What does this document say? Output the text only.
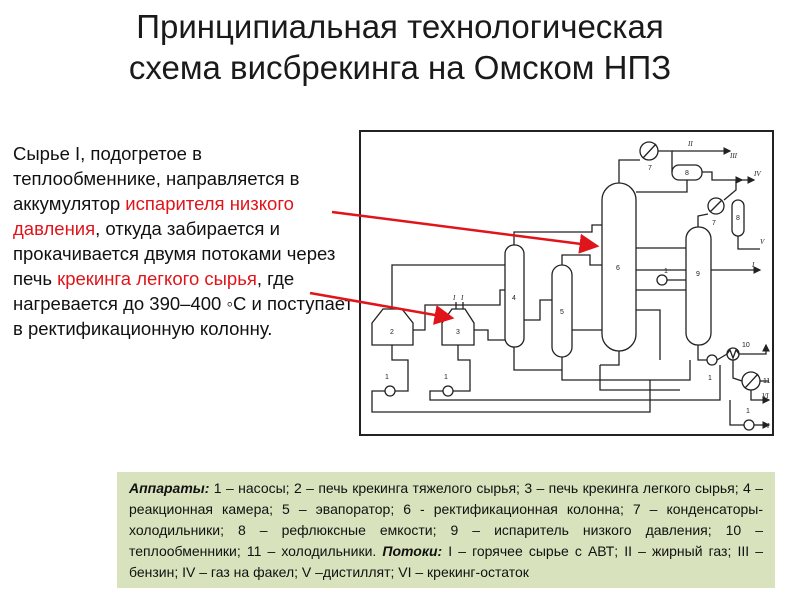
Принципиальная технологическая
схема висбрекинга на Омском НПЗ
Сырье I, подогретое в теплообменнике, направляется в аккумулятор испарителя низкого давления, откуда забирается и прокачивается двумя потоками через печь крекинга легкого сырья, где нагревается до 390–400 ◦С и поступает в ректификационную колонну.	2	3
4
5
6
9
7
7
8
8
10
11
1	1
1
1
1
II
III
IV
V
I
VI
I
I I
Аппараты: 1 – насосы; 2 – печь крекинга тяжелого сырья; 3 – печь крекинга легкого сырья; 4 – реакционная камера; 5 – эвапоратор; 6 - ректификационная колонна; 7 – конденсаторы-холодильники; 8 – рефлюксные емкости; 9 – испаритель низкого давления; 10 – теплообменники; 11 – холодильники. Потоки: I – горячее сырье с АВТ; II – жирный газ; III – бензин; IV – газ на факел; V –дистиллят; VI – крекинг-остаток
